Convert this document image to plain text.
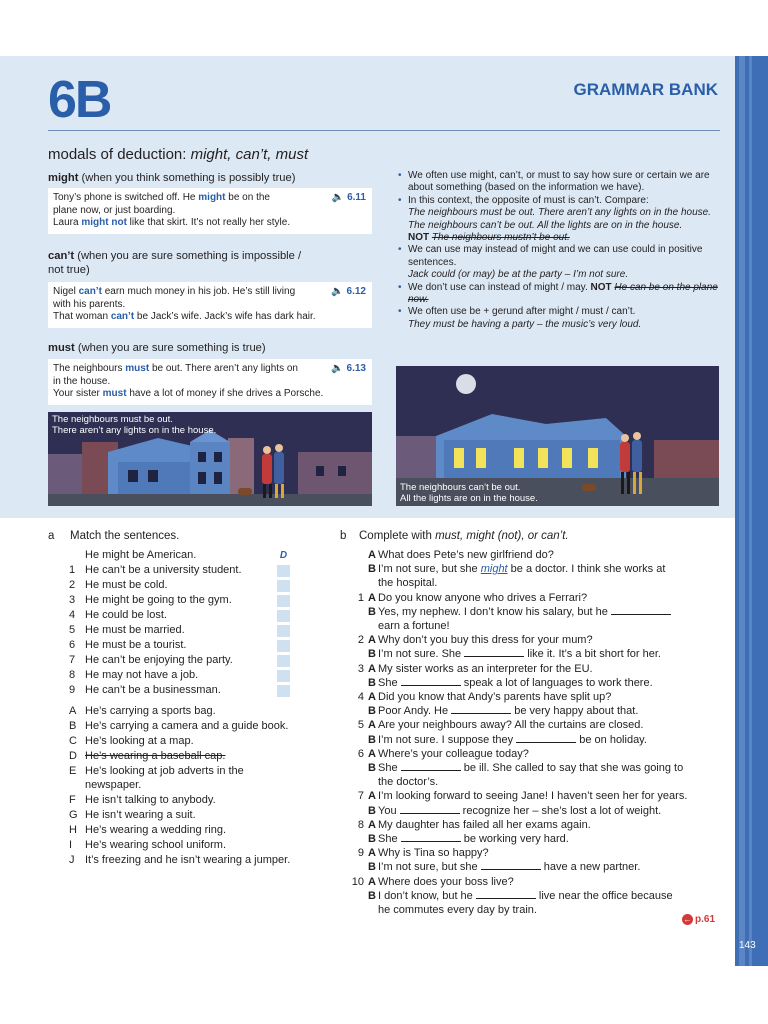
143
6B	GRAMMAR BANK
modals of deduction: might, can’t, must
might (when you think something is possibly true)
🔈 6.11
Tony’s phone is switched off. He might be on the
plane now, or just boarding.
Laura might not like that skirt. It’s not really her style.
can’t (when you are sure something is impossible /
not true)
🔈 6.12
Nigel can’t earn much money in his job. He’s still living
with his parents.
That woman can’t be Jack’s wife. Jack’s wife has dark hair.
must (when you are sure something is true)
🔈 6.13
The neighbours must be out. There aren’t any lights on
in the house.
Your sister must have a lot of money if she drives a Porsche.
• We often use might, can’t, or must to say how sure or certain we are about something (based on the information we have).
• In this context, the opposite of must is can’t. Compare:
The neighbours must be out. There aren’t any lights on in the house.
The neighbours can’t be out. All the lights are on in the house.
NOT The neighbours mustn’t be out.
• We can use may instead of might and we can use could in positive sentences.
Jack could (or may) be at the party – I’m not sure.
• We don’t use can instead of might / may. NOT He can be on the plane now.
• We often use be + gerund after might / must / can’t.
They must be having a party – the music’s very loud.
The neighbours must be out.
There aren’t any lights on in the house.
The neighbours can’t be out.
All the lights are on in the house.
a Match the sentences.
He might be American.	D
1 He can’t be a university student.
2 He must be cold.
3 He might be going to the gym.
4 He could be lost.
5 He must be married.
6 He must be a tourist.
7 He can’t be enjoying the party.
8 He may not have a job.
9 He can’t be a businessman.
A He’s carrying a sports bag.
B He’s carrying a camera and a guide book.
C He’s looking at a map.
D He’s wearing a baseball cap.
E He’s looking at job adverts in the
newspaper.
F He isn’t talking to anybody.
G He isn’t wearing a suit.
H He’s wearing a wedding ring.
I He’s wearing school uniform.
J It’s freezing and he isn’t wearing a jumper.
b Complete with must, might (not), or can’t.
A What does Pete’s new girlfriend do?
B I’m not sure, but she might be a doctor. I think she works at
the hospital.
1 A Do you know anyone who drives a Ferrari?
B Yes, my nephew. I don’t know his salary, but he
earn a fortune!
2 A Why don’t you buy this dress for your mum?
B I’m not sure. She	like it. It’s a bit short for her.
3 A My sister works as an interpreter for the EU.
B She	speak a lot of languages to work there.
4 A Did you know that Andy’s parents have split up?
B Poor Andy. He	be very happy about that.
5 A Are your neighbours away? All the curtains are closed.
B I’m not sure. I suppose they	be on holiday.
6 A Where’s your colleague today?
B She	be ill. She called to say that she was going to
the doctor’s.
7 A I’m looking forward to seeing Jane! I haven’t seen her for years.
B You	recognize her – she’s lost a lot of weight.
8 A My daughter has failed all her exams again.
B She	be working very hard.
9 A Why is Tina so happy?
B I’m not sure, but she	have a new partner.
10 A Where does your boss live?
B I don’t know, but he	live near the office because
he commutes every day by train.
← p.61
